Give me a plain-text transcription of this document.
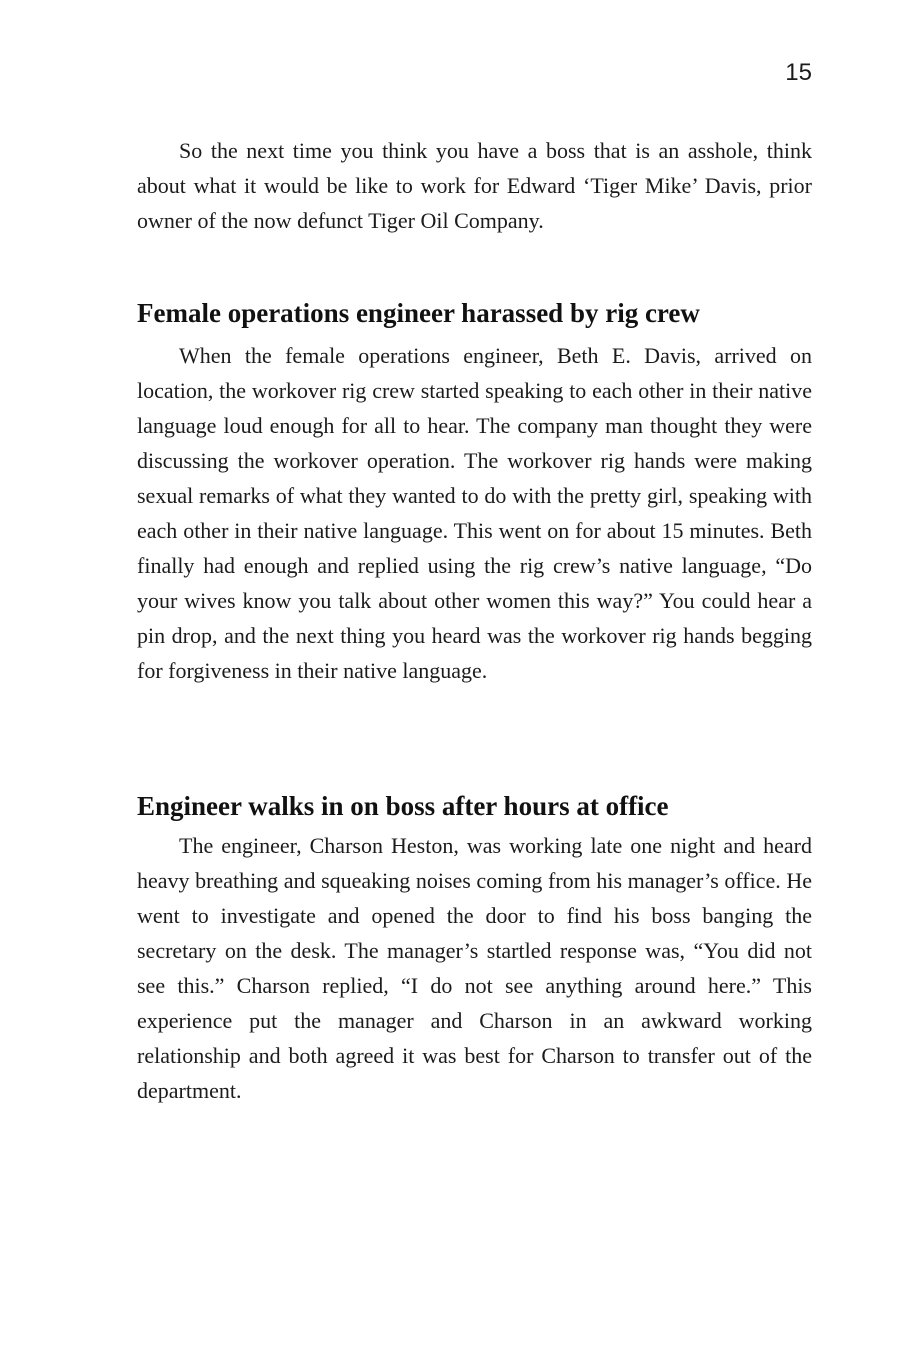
15

So the next time you think you have a boss that is an asshole, think about what it would be like to work for Edward ‘Tiger Mike’ Davis, prior owner of the now defunct Tiger Oil Company.

Female operations engineer harassed by rig crew

When the female operations engineer, Beth E. Davis, arrived on location, the workover rig crew started speaking to each other in their native language loud enough for all to hear. The company man thought they were discussing the workover operation. The workover rig hands were making sexual remarks of what they wanted to do with the pretty girl, speaking with each other in their native language. This went on for about 15 minutes. Beth finally had enough and replied using the rig crew’s native language, “Do your wives know you talk about other women this way?” You could hear a pin drop, and the next thing you heard was the workover rig hands begging for forgiveness in their native language.

Engineer walks in on boss after hours at office

The engineer, Charson Heston, was working late one night and heard heavy breathing and squeaking noises coming from his manager’s office. He went to investigate and opened the door to find his boss banging the secretary on the desk. The manager’s startled response was, “You did not see this.” Charson replied, “I do not see anything around here.” This experience put the manager and Charson in an awkward working relationship and both agreed it was best for Charson to transfer out of the department.
